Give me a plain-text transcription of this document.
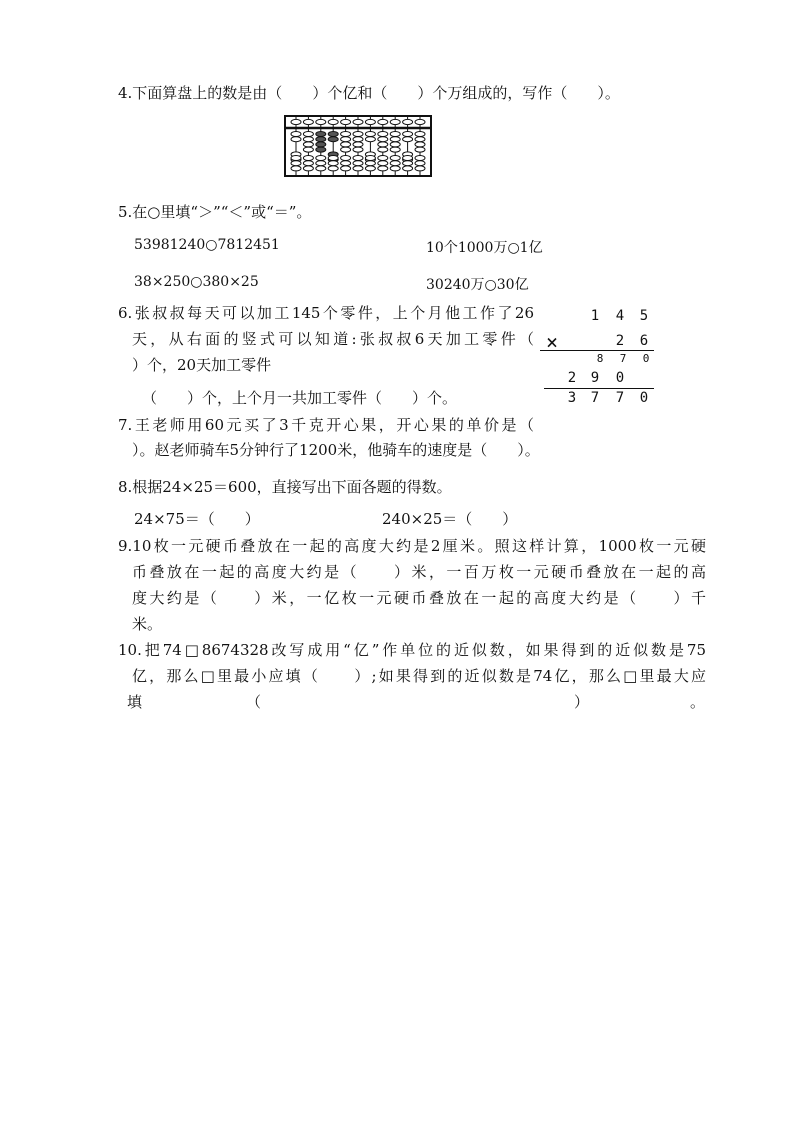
4.下面算盘上的数是由（　　）个亿和（　　）个万组成的，写作（　　）。
5.在○里填“＞”“＜”或“＝”。
53981240○7812451	10个1000万○1亿
38×250○380×25	30240万○30亿
6.张叔叔每天可以加工145个零件，上个月他工作了26
天，从右面的竖式可以知道:张叔叔6天加工零件（
）个，20天加工零件
（　　）个，上个月一共加工零件（　　）个。
1 4 5
×	2 6
8	7	0
2 9 0
3 7 7 0
7.王老师用60元买了3千克开心果，开心果的单价是（
）。赵老师骑车5分钟行了1200米，他骑车的速度是（　　）。
8.根据24×25＝600，直接写出下面各题的得数。
24×75＝（　　）	240×25＝（　　）
9.10枚一元硬币叠放在一起的高度大约是2厘米。照这样计算，1000枚一元硬
币叠放在一起的高度大约是（　　）米，一百万枚一元硬币叠放在一起的高
度大约是（　　）米，一亿枚一元硬币叠放在一起的高度大约是（　　）千
米。
10.把74□8674328改写成用“亿”作单位的近似数，如果得到的近似数是75
亿，那么□里最小应填（　　）;如果得到的近似数是74亿，那么□里最大应
填	（	）	。
